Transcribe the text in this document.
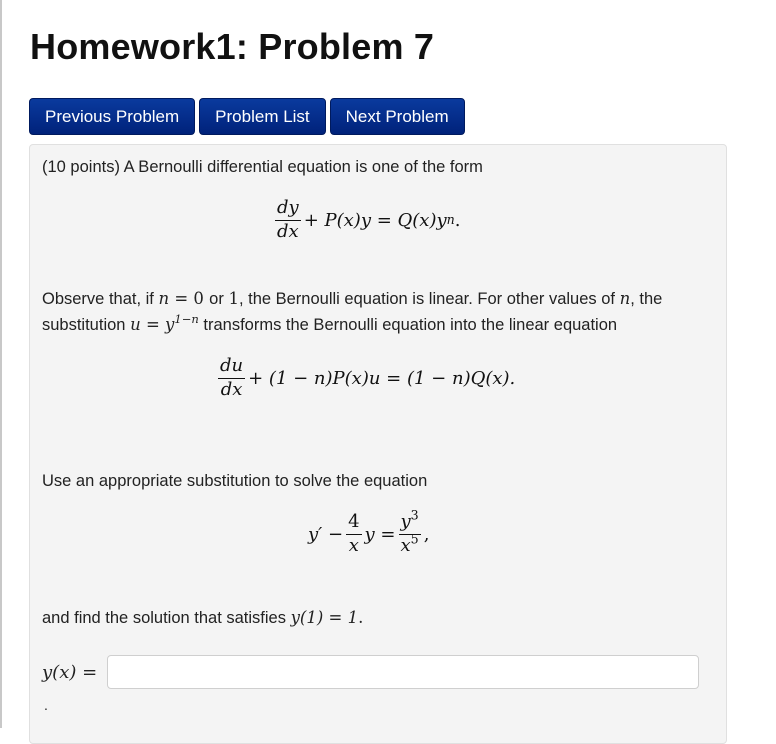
Homework1: Problem 7
Previous Problem	Problem List	Next Problem
(10 points) A Bernoulli differential equation is one of the form
$\frac{dy}{dx} + P(x)y = Q(x)y$ n .
Observe that, if n = 0 or 1, the Bernoulli equation is linear. For other values of n, the
substitution $u = y^{1-n}$ transforms the Bernoulli equation into the linear equation
$\frac{du}{dx} + (1 - n)P(x)u = (1 - n)Q(x)$.
Use an appropriate substitution to solve the equation
$y' - \frac{4}{x}$ $y = \frac{y^3}{x^5}$ ,
and find the solution that satisfies y(1) = 1.
y(x) =
.
